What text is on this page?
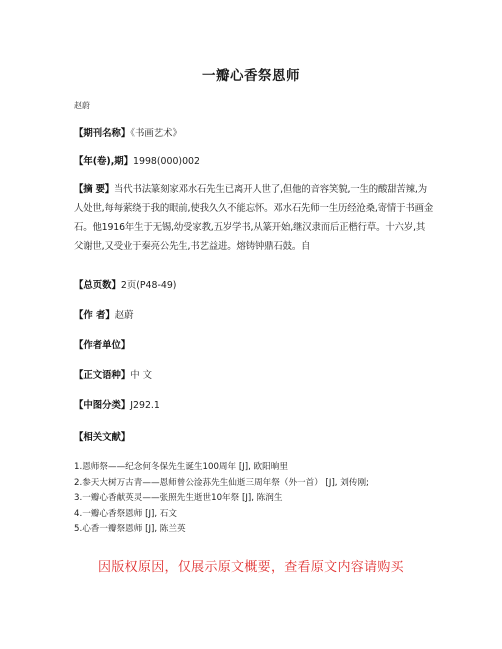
一瓣心香祭恩师
赵蔚
【期刊名称】《书画艺术》
【年(卷),期】1998(000)002
【摘 要】当代书法篆刻家邓水石先生已离开人世了,但他的音容笑貌,一生的酸甜苦辣,为人处世,每每萦绕于我的眼前,使我久久不能忘怀。邓水石先师一生历经沧桑,寄情于书画金石。他1916年生于无锡,幼受家教,五岁学书,从篆开始,继汉隶而后正楷行草。十六岁,其父谢世,又受业于秦亮公先生,书艺益进。熔铸钟鼎石鼓。自
【总页数】2页(P48-49)
【作 者】赵蔚
【作者单位】
【正文语种】中 文
【中图分类】J292.1
【相关文献】
1.恩师祭——纪念何冬保先生诞生100周年 [J], 欧阳晌里
2.参天大树万古青——恩师曾公淦荪先生仙逝三周年祭（外一首） [J], 刘传刚;
3.一瓣心香献英灵——张照先生逝世10年祭 [J], 陈润生
4.一瓣心香祭恩师 [J], 石文
5.心香一瓣祭恩师 [J], 陈兰英
因版权原因，仅展示原文概要，查看原文内容请购买
